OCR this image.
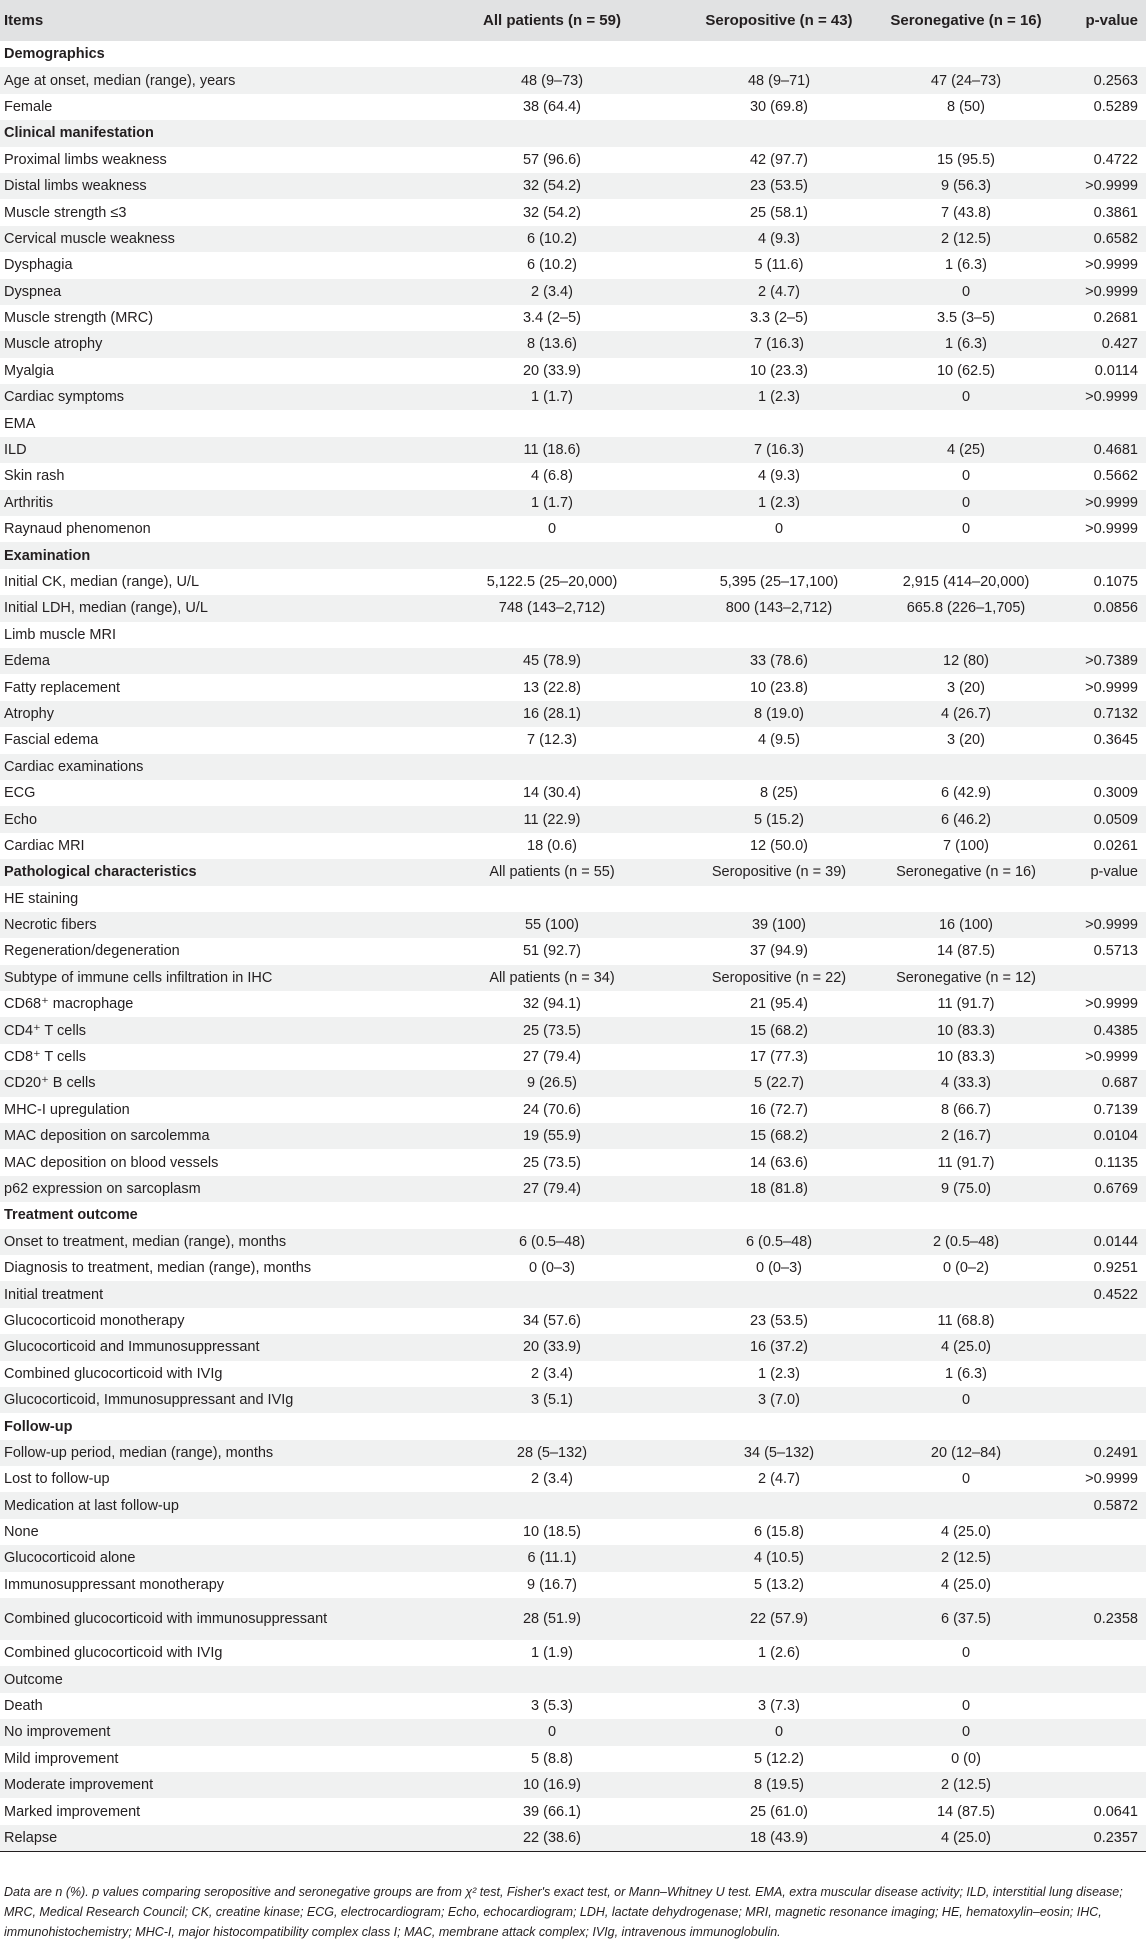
Items	All patients (n = 59)	Seropositive (n = 43)	Seronegative (n = 16)	p-value
Demographics				
Age at onset, median (range), years	48 (9–73)	48 (9–71)	47 (24–73)	0.2563
Female	38 (64.4)	30 (69.8)	8 (50)	0.5289
Clinical manifestation				
Proximal limbs weakness	57 (96.6)	42 (97.7)	15 (95.5)	0.4722
Distal limbs weakness	32 (54.2)	23 (53.5)	9 (56.3)	>0.9999
Muscle strength ≤3	32 (54.2)	25 (58.1)	7 (43.8)	0.3861
Cervical muscle weakness	6 (10.2)	4 (9.3)	2 (12.5)	0.6582
Dysphagia	6 (10.2)	5 (11.6)	1 (6.3)	>0.9999
Dyspnea	2 (3.4)	2 (4.7)	0	>0.9999
Muscle strength (MRC)	3.4 (2–5)	3.3 (2–5)	3.5 (3–5)	0.2681
Muscle atrophy	8 (13.6)	7 (16.3)	1 (6.3)	0.427
Myalgia	20 (33.9)	10 (23.3)	10 (62.5)	0.0114
Cardiac symptoms	1 (1.7)	1 (2.3)	0	>0.9999
EMA				
ILD	11 (18.6)	7 (16.3)	4 (25)	0.4681
Skin rash	4 (6.8)	4 (9.3)	0	0.5662
Arthritis	1 (1.7)	1 (2.3)	0	>0.9999
Raynaud phenomenon	0	0	0	>0.9999
Examination				
Initial CK, median (range), U/L	5,122.5 (25–20,000)	5,395 (25–17,100)	2,915 (414–20,000)	0.1075
Initial LDH, median (range), U/L	748 (143–2,712)	800 (143–2,712)	665.8 (226–1,705)	0.0856
Limb muscle MRI				
Edema	45 (78.9)	33 (78.6)	12 (80)	>0.7389
Fatty replacement	13 (22.8)	10 (23.8)	3 (20)	>0.9999
Atrophy	16 (28.1)	8 (19.0)	4 (26.7)	0.7132
Fascial edema	7 (12.3)	4 (9.5)	3 (20)	0.3645
Cardiac examinations				
ECG	14 (30.4)	8 (25)	6 (42.9)	0.3009
Echo	11 (22.9)	5 (15.2)	6 (46.2)	0.0509
Cardiac MRI	18 (0.6)	12 (50.0)	7 (100)	0.0261
Pathological characteristics	All patients (n = 55)	Seropositive (n = 39)	Seronegative (n = 16)	p-value
HE staining				
Necrotic fibers	55 (100)	39 (100)	16 (100)	>0.9999
Regeneration/degeneration	51 (92.7)	37 (94.9)	14 (87.5)	0.5713
Subtype of immune cells infiltration in IHC	All patients (n = 34)	Seropositive (n = 22)	Seronegative (n = 12)	
CD68⁺ macrophage	32 (94.1)	21 (95.4)	11 (91.7)	>0.9999
CD4⁺ T cells	25 (73.5)	15 (68.2)	10 (83.3)	0.4385
CD8⁺ T cells	27 (79.4)	17 (77.3)	10 (83.3)	>0.9999
CD20⁺ B cells	9 (26.5)	5 (22.7)	4 (33.3)	0.687
MHC-I upregulation	24 (70.6)	16 (72.7)	8 (66.7)	0.7139
MAC deposition on sarcolemma	19 (55.9)	15 (68.2)	2 (16.7)	0.0104
MAC deposition on blood vessels	25 (73.5)	14 (63.6)	11 (91.7)	0.1135
p62 expression on sarcoplasm	27 (79.4)	18 (81.8)	9 (75.0)	0.6769
Treatment outcome				
Onset to treatment, median (range), months	6 (0.5–48)	6 (0.5–48)	2 (0.5–48)	0.0144
Diagnosis to treatment, median (range), months	0 (0–3)	0 (0–3)	0 (0–2)	0.9251
Initial treatment				0.4522
Glucocorticoid monotherapy	34 (57.6)	23 (53.5)	11 (68.8)	
Glucocorticoid and Immunosuppressant	20 (33.9)	16 (37.2)	4 (25.0)	
Combined glucocorticoid with IVIg	2 (3.4)	1 (2.3)	1 (6.3)	
Glucocorticoid, Immunosuppressant and IVIg	3 (5.1)	3 (7.0)	0	
Follow-up				
Follow-up period, median (range), months	28 (5–132)	34 (5–132)	20 (12–84)	0.2491
Lost to follow-up	2 (3.4)	2 (4.7)	0	>0.9999
Medication at last follow-up				0.5872
None	10 (18.5)	6 (15.8)	4 (25.0)	
Glucocorticoid alone	6 (11.1)	4 (10.5)	2 (12.5)	
Immunosuppressant monotherapy	9 (16.7)	5 (13.2)	4 (25.0)	
Combined glucocorticoid with immunosuppressant	28 (51.9)	22 (57.9)	6 (37.5)	0.2358
Combined glucocorticoid with IVIg	1 (1.9)	1 (2.6)	0	
Outcome				
Death	3 (5.3)	3 (7.3)	0	
No improvement	0	0	0	
Mild improvement	5 (8.8)	5 (12.2)	0 (0)	
Moderate improvement	10 (16.9)	8 (19.5)	2 (12.5)	
Marked improvement	39 (66.1)	25 (61.0)	14 (87.5)	0.0641
Relapse	22 (38.6)	18 (43.9)	4 (25.0)	0.2357
Data are n (%). p values comparing seropositive and seronegative groups are from χ² test, Fisher's exact test, or Mann–Whitney U test. EMA, extra muscular disease activity; ILD, interstitial lung disease; MRC, Medical Research Council; CK, creatine kinase; ECG, electrocardiogram; Echo, echocardiogram; LDH, lactate dehydrogenase; MRI, magnetic resonance imaging; HE, hematoxylin–eosin; IHC, immunohistochemistry; MHC-I, major histocompatibility complex class I; MAC, membrane attack complex; IVIg, intravenous immunoglobulin.
